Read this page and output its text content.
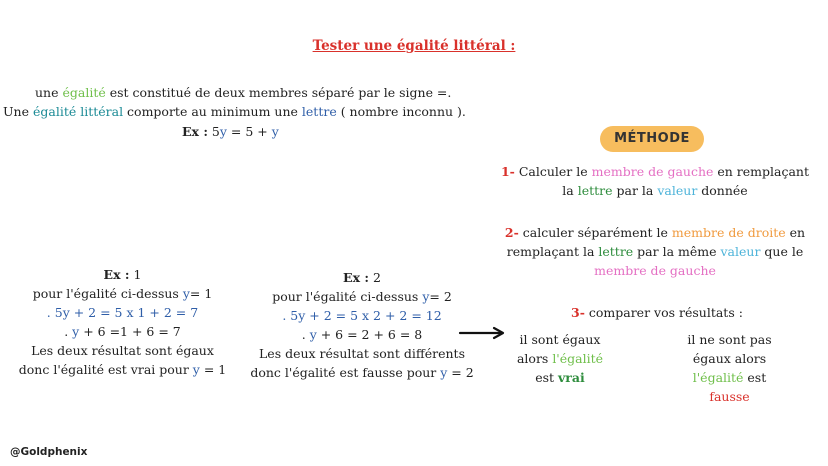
Tester une égalité littéral :
une égalité est constitué de deux membres séparé par le signe =.
Une égalité littéral comporte au minimum une lettre ( nombre inconnu ).
Ex : 5y = 5 + y	MÉTHODE
1- Calculer le membre de gauche en remplaçant
la lettre par la valeur donnée
2- calculer séparément le membre de droite en
remplaçant la lettre par la même valeur que le
membre de gauche
3- comparer vos résultats :
il sont égaux
alors l'égalité
est vrai
il ne sont pas
égaux alors
l'égalité est
fausse
Ex : 1
pour l'égalité ci-dessus y= 1
. 5y + 2 = 5 x 1 + 2 = 7
. y + 6 =1 + 6 = 7
Les deux résultat sont égaux
donc l'égalité est vrai pour y = 1
Ex : 2
pour l'égalité ci-dessus y= 2
. 5y + 2 = 5 x 2 + 2 = 12
. y + 6 = 2 + 6 = 8
Les deux résultat sont différents
donc l'égalité est fausse pour y = 2
@Goldphenix
